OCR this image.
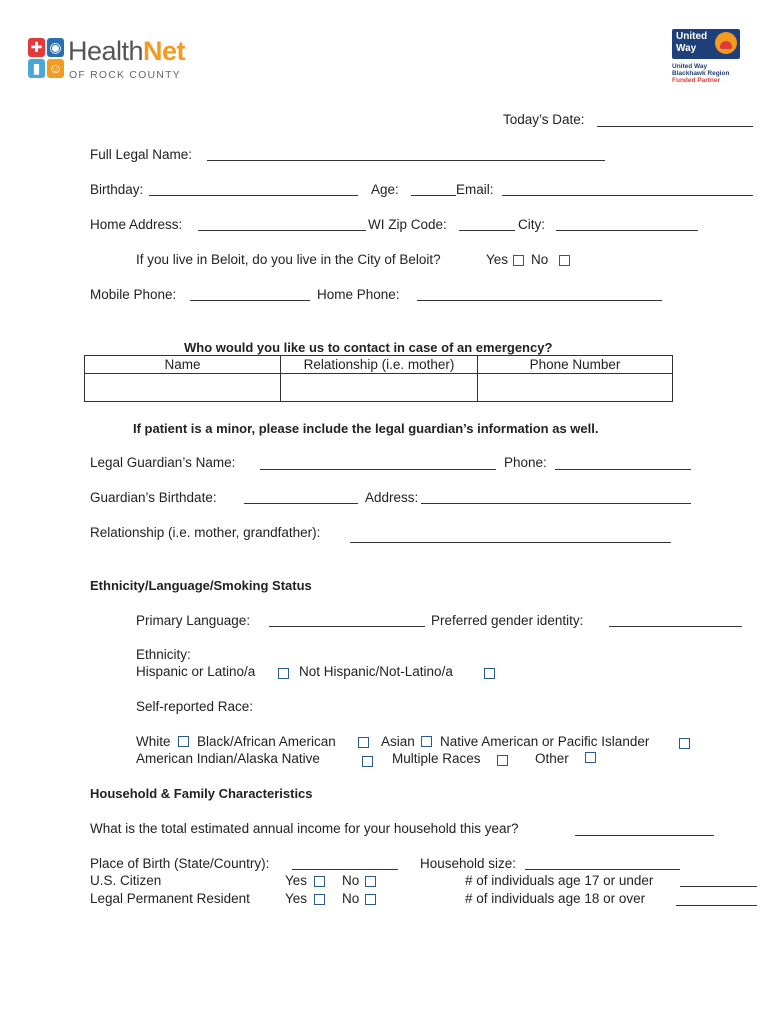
✚ ◉
▮ ☺
HealthNet
OF ROCK COUNTY
United Way
United Way
Blackhawk Region
Funded Partner
Today’s Date:
Full Legal Name:
Birthday:	Age:	Email:
Home Address:	WI Zip Code:	City:
If you live in Beloit, do you live in the City of Beloit?	Yes No
Mobile Phone:	Home Phone:
Who would you like us to contact in case of an emergency?
Name	Relationship (i.e. mother)	Phone Number

If patient is a minor, please include the legal guardian’s information as well.
Legal Guardian’s Name:	Phone:
Guardian’s Birthdate:	Address:
Relationship (i.e. mother, grandfather):
Ethnicity/Language/Smoking Status
Primary Language:	Preferred gender identity:
Ethnicity:
Hispanic or Latino/a	Not Hispanic/Not-Latino/a
Self-reported Race:
White Black/African American	Asian Native American or Pacific Islander
American Indian/Alaska Native	Multiple Races	Other
Household & Family Characteristics
What is the total estimated annual income for your household this year?
Place of Birth (State/Country):	Household size:
U.S. Citizen	Yes	No	# of individuals age 17 or under
Legal Permanent Resident	Yes	No	# of individuals age 18 or over
